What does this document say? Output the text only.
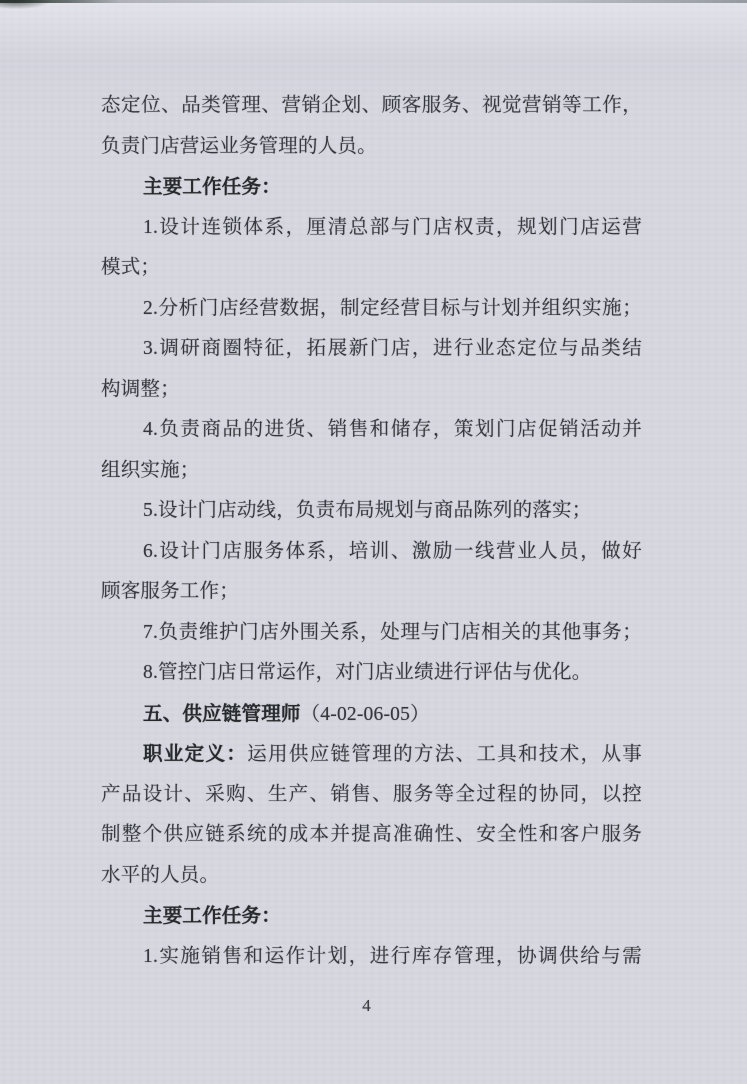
态定位、品类管理、营销企划、顾客服务、视觉营销等工作，
负责门店营运业务管理的人员。
主要工作任务：
1.设计连锁体系，厘清总部与门店权责，规划门店运营
模式；
2.分析门店经营数据，制定经营目标与计划并组织实施；
3.调研商圈特征，拓展新门店，进行业态定位与品类结
构调整；
4.负责商品的进货、销售和储存，策划门店促销活动并
组织实施；
5.设计门店动线，负责布局规划与商品陈列的落实；
6.设计门店服务体系，培训、激励一线营业人员，做好
顾客服务工作；
7.负责维护门店外围关系，处理与门店相关的其他事务；
8.管控门店日常运作，对门店业绩进行评估与优化。
五、供应链管理师（4-02-06-05）
职业定义：运用供应链管理的方法、工具和技术，从事
产品设计、采购、生产、销售、服务等全过程的协同，以控
制整个供应链系统的成本并提高准确性、安全性和客户服务
水平的人员。
主要工作任务：
1.实施销售和运作计划，进行库存管理，协调供给与需
4
